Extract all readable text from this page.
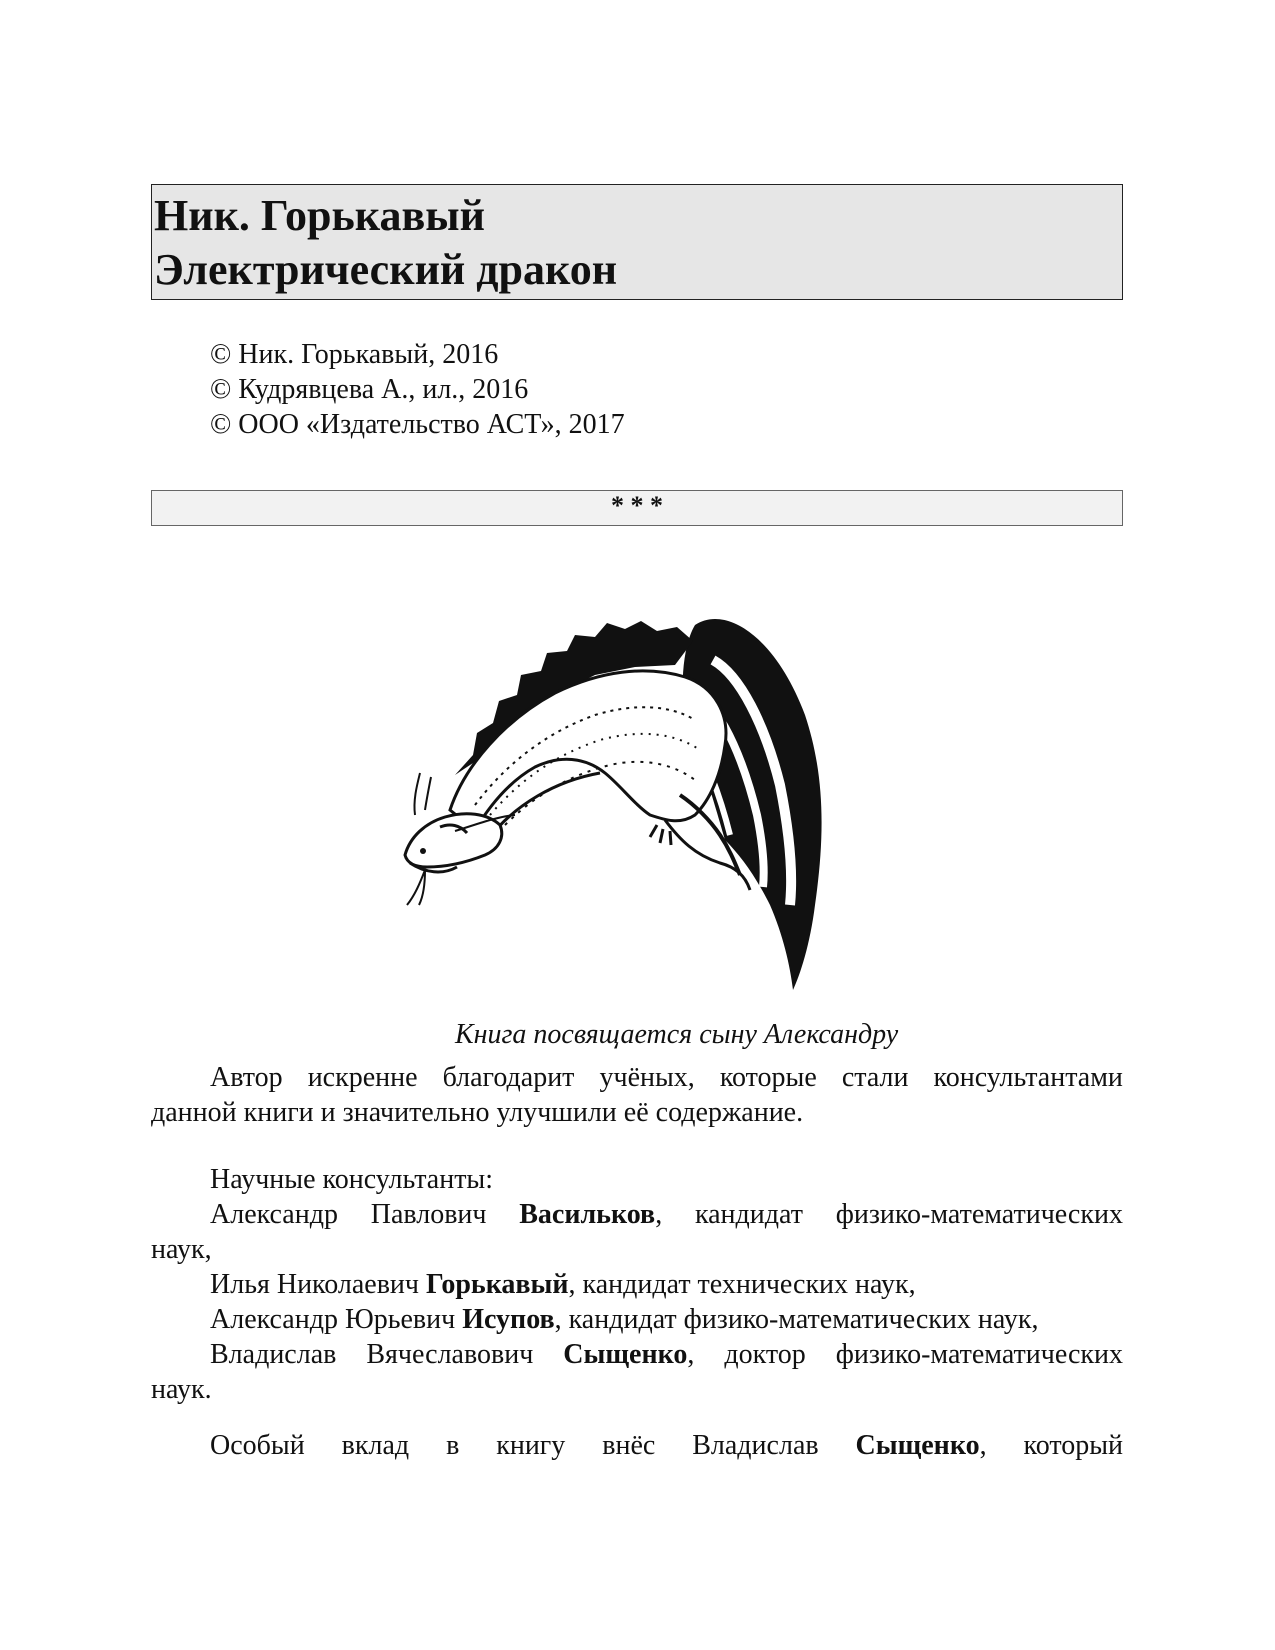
Ник. Горькавый
Электрический дракон
© Ник. Горькавый, 2016
© Кудрявцева А., ил., 2016
© ООО «Издательство АСТ», 2017
* * *
Книга посвящается сыну Александру
Автор искренне благодарит учёных, которые стали консультантами
данной книги и значительно улучшили её содержание.
Научные консультанты:
Александр Павлович Васильков, кандидат физико-математических
наук,
Илья Николаевич Горькавый, кандидат технических наук,
Александр Юрьевич Исупов, кандидат физико-математических наук,
Владислав Вячеславович Сыщенко, доктор физико-математических
наук.
Особый вклад в книгу внёс Владислав Сыщенко, который
